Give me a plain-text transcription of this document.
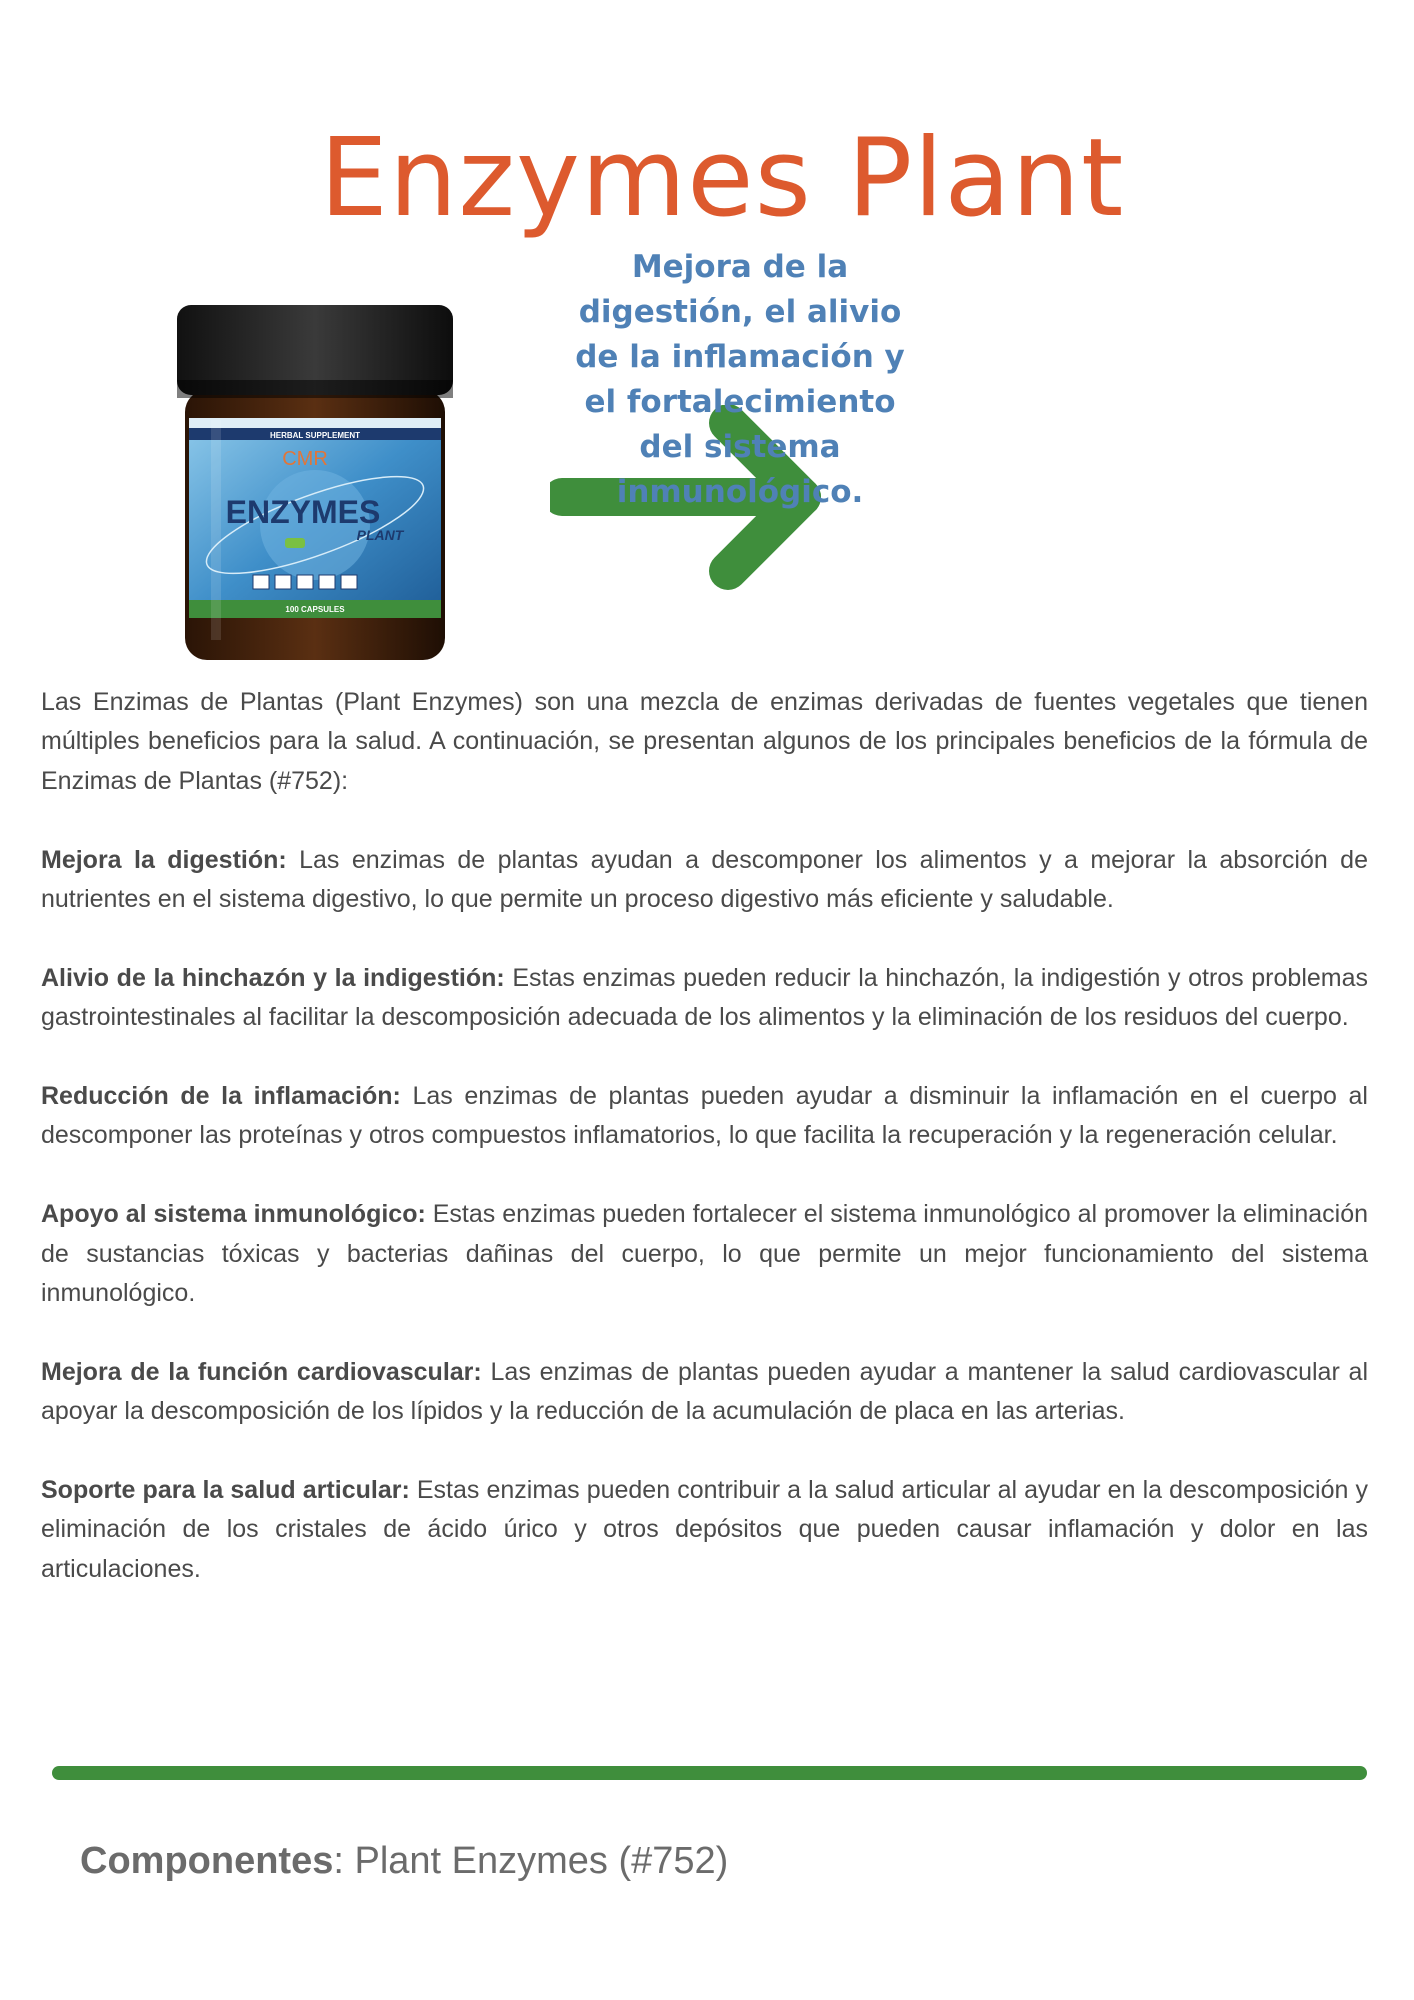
Enzymes Plant
HERBAL SUPPLEMENT
CMR
ENZYMES
PLANT
100 CAPSULES

Mejora de la digestión, el alivio de la inflamación y el fortalecimiento del sistema inmunológico.

Las Enzimas de Plantas (Plant Enzymes) son una mezcla de enzimas derivadas de fuentes vegetales que tienen múltiples beneficios para la salud. A continuación, se presentan algunos de los principales beneficios de la fórmula de Enzimas de Plantas (#752):

Mejora la digestión: Las enzimas de plantas ayudan a descomponer los alimentos y a mejorar la absorción de nutrientes en el sistema digestivo, lo que permite un proceso digestivo más eficiente y saludable.

Alivio de la hinchazón y la indigestión: Estas enzimas pueden reducir la hinchazón, la indigestión y otros problemas gastrointestinales al facilitar la descomposición adecuada de los alimentos y la eliminación de los residuos del cuerpo.

Reducción de la inflamación: Las enzimas de plantas pueden ayudar a disminuir la inflamación en el cuerpo al descomponer las proteínas y otros compuestos inflamatorios, lo que facilita la recuperación y la regeneración celular.

Apoyo al sistema inmunológico: Estas enzimas pueden fortalecer el sistema inmunológico al promover la eliminación de sustancias tóxicas y bacterias dañinas del cuerpo, lo que permite un mejor funcionamiento del sistema inmunológico.

Mejora de la función cardiovascular: Las enzimas de plantas pueden ayudar a mantener la salud cardiovascular al apoyar la descomposición de los lípidos y la reducción de la acumulación de placa en las arterias.

Soporte para la salud articular: Estas enzimas pueden contribuir a la salud articular al ayudar en la descomposición y eliminación de los cristales de ácido úrico y otros depósitos que pueden causar inflamación y dolor en las articulaciones.

Componentes: Plant Enzymes (#752)
